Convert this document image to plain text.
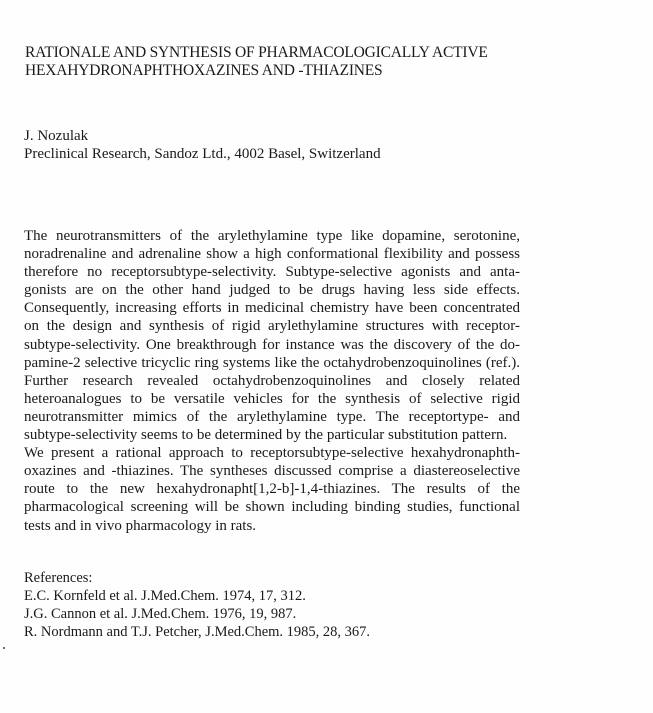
RATIONALE AND SYNTHESIS OF PHARMACOLOGICALLY ACTIVE
HEXAHYDRONAPHTHOXAZINES AND -THIAZINES
J. Nozulak
Preclinical Research, Sandoz Ltd., 4002 Basel, Switzerland
The neurotransmitters of the arylethylamine type like dopamine, serotonine,
noradrenaline and adrenaline show a high conformational flexibility and possess
therefore no receptorsubtype-selectivity. Subtype-selective agonists and anta-
gonists are on the other hand judged to be drugs having less side effects.
Consequently, increasing efforts in medicinal chemistry have been concentrated
on the design and synthesis of rigid arylethylamine structures with receptor-
subtype-selectivity. One breakthrough for instance was the discovery of the do-
pamine-2 selective tricyclic ring systems like the octahydrobenzoquinolines (ref.).
Further research revealed octahydrobenzoquinolines and closely related
heteroanalogues to be versatile vehicles for the synthesis of selective rigid
neurotransmitter mimics of the arylethylamine type. The receptortype- and
subtype-selectivity seems to be determined by the particular substitution pattern.
We present a rational approach to receptorsubtype-selective hexahydronaphth-
oxazines and -thiazines. The syntheses discussed comprise a diastereoselective
route to the new hexahydronapht[1,2-b]-1,4-thiazines. The results of the
pharmacological screening will be shown including binding studies, functional
tests and in vivo pharmacology in rats.
References:
E.C. Kornfeld et al. J.Med.Chem. 1974, 17, 312.
J.G. Cannon et al. J.Med.Chem. 1976, 19, 987.
R. Nordmann and T.J. Petcher, J.Med.Chem. 1985, 28, 367.
